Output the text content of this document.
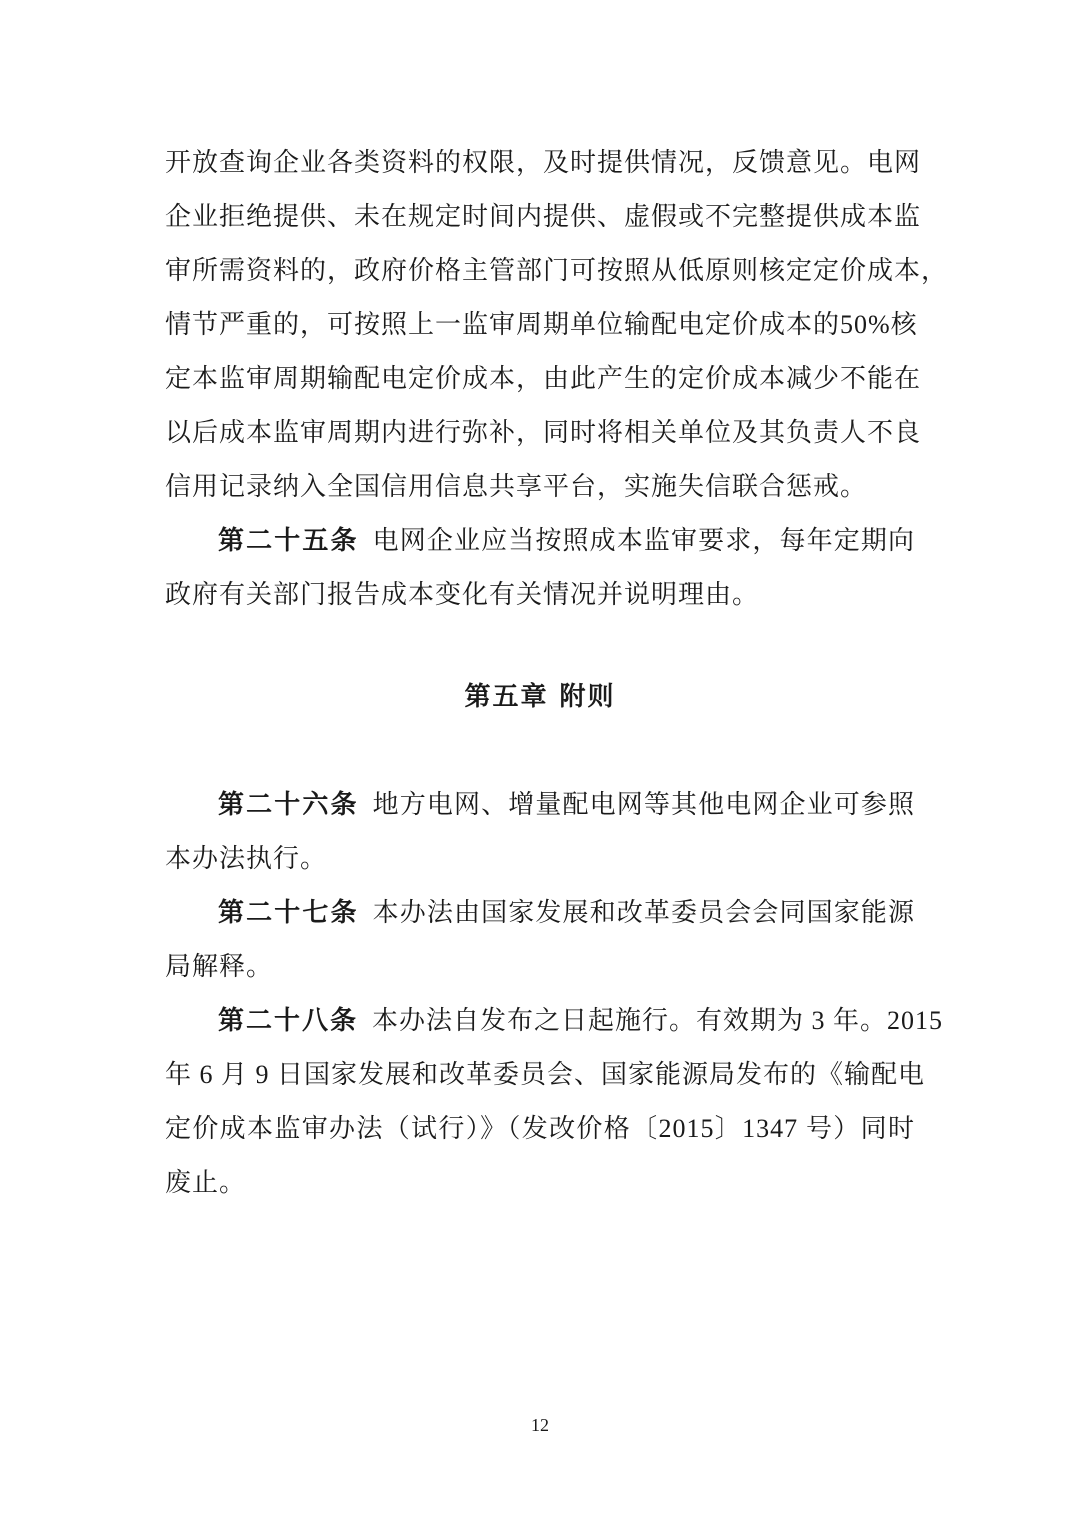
开放查询企业各类资料的权限，及时提供情况，反馈意见。电网
企业拒绝提供、未在规定时间内提供、虚假或不完整提供成本监
审所需资料的，政府价格主管部门可按照从低原则核定定价成本，
情节严重的，可按照上一监审周期单位输配电定价成本的50%核
定本监审周期输配电定价成本，由此产生的定价成本减少不能在
以后成本监审周期内进行弥补，同时将相关单位及其负责人不良
信用记录纳入全国信用信息共享平台，实施失信联合惩戒。
第二十五条 电网企业应当按照成本监审要求，每年定期向
政府有关部门报告成本变化有关情况并说明理由。
第五章 附则
第二十六条 地方电网、增量配电网等其他电网企业可参照
本办法执行。
第二十七条 本办法由国家发展和改革委员会会同国家能源
局解释。
第二十八条 本办法自发布之日起施行。有效期为 3 年。2015
年 6 月 9 日国家发展和改革委员会、国家能源局发布的《输配电
定价成本监审办法（试行）》（发改价格〔2015〕1347 号）同时
废止。
12
